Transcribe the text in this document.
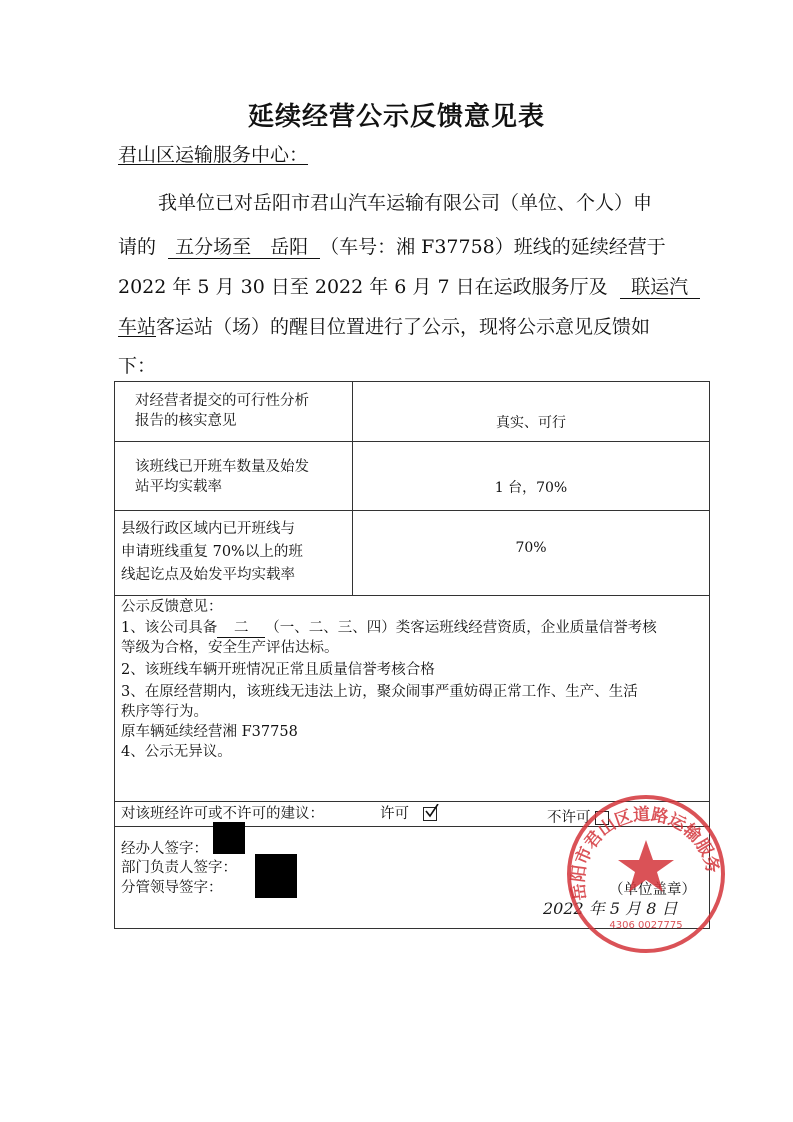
延续经营公示反馈意见表
君山区运输服务中心：
我单位已对岳阳市君山汽车运输有限公司（单位、个人）申
请的 五分场至 岳阳 （车号：湘 F37758）班线的延续经营于
2022 年 5 月 30 日至 2022 年 6 月 7 日在运政服务厅及 联运汽
车站客运站（场）的醒目位置进行了公示，现将公示意见反馈如
下：
对经营者提交的可行性分析
报告的核实意见	真实、可行
该班线已开班车数量及始发
站平均实载率	1 台，70%
县级行政区域内已开班线与
申请班线重复 70%以上的班
线起讫点及始发平均实载率
70%
公示反馈意见：
1、该公司具备 二 （一、二、三、四）类客运班线经营资质，企业质量信誉考核
等级为合格，安全生产评估达标。
2、该班线车辆开班情况正常且质量信誉考核合格
3、在原经营期内，该班线无违法上访，聚众闹事严重妨碍正常工作、生产、生活
秩序等行为。
原车辆延续经营湘 F37758
4、公示无异议。
对该班经许可或不许可的建议：	许可	不许可
经办人签字：
部门负责人签字：
分管领导签字：	（单位盖章）
2022 年 5 月 8 日
岳阳市君山区道路运输服务
4306 0027775
